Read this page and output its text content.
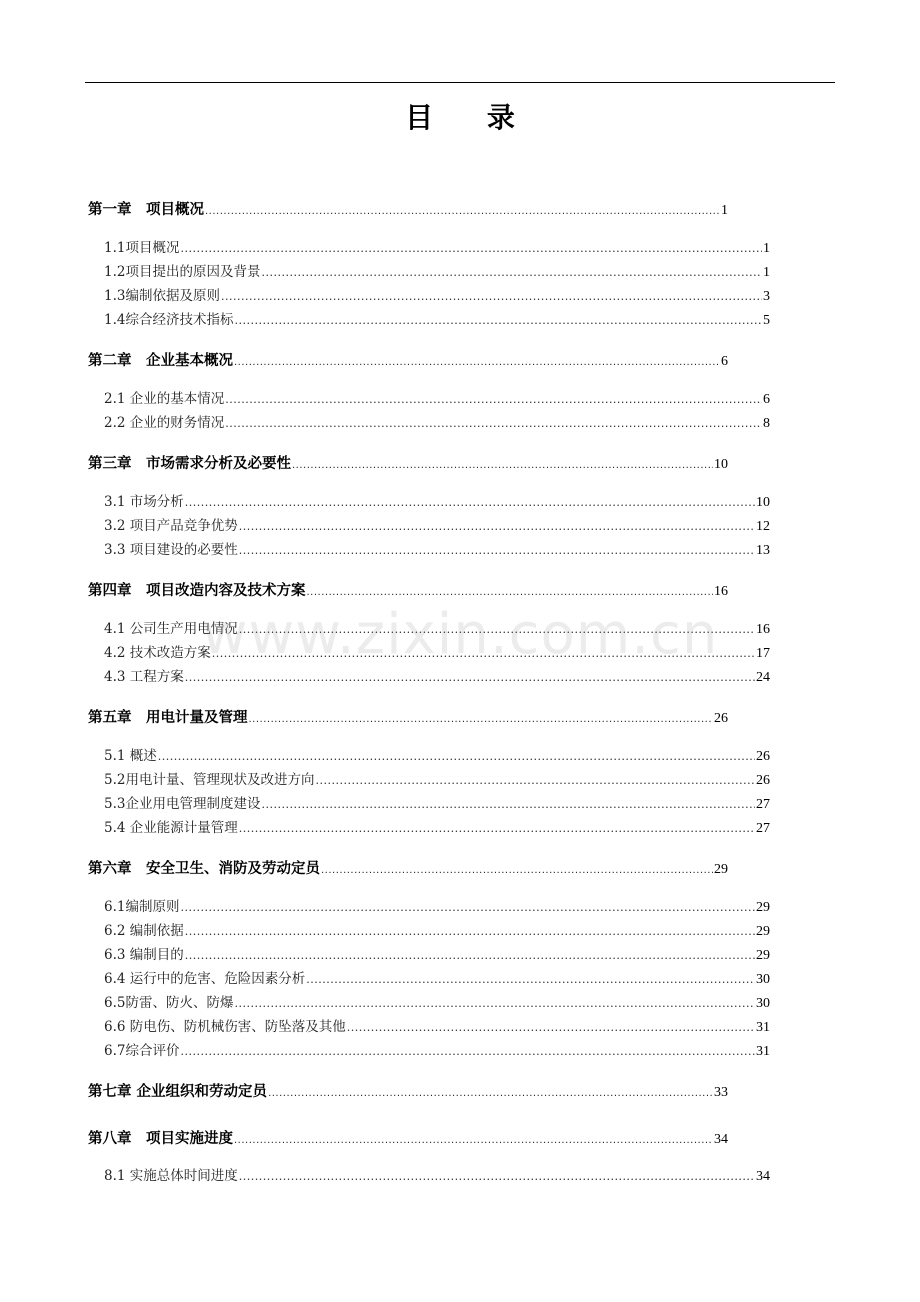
目 录
第一章　项目概况 .....	1
1.1项目概况 .....	1
1.2项目提出的原因及背景 .....	1
1.3编制依据及原则 .....	3
1.4综合经济技术指标 .....	5
第二章　企业基本概况 .....	6
2.1 企业的基本情况 .....	6
2.2 企业的财务情况 .....	8
第三章　市场需求分析及必要性 .....	10
3.1 市场分析 .....	10
3.2 项目产品竞争优势 .....	12
3.3 项目建设的必要性 .....	13
第四章　项目改造内容及技术方案 .....	16
4.1 公司生产用电情况 .....	16
4.2 技术改造方案 .....	17
4.3 工程方案 .....	24
第五章　用电计量及管理 .....	26
5.1 概述 .....	26
5.2用电计量、管理现状及改进方向 .....	26
5.3企业用电管理制度建设 .....	27
5.4 企业能源计量管理 .....	27
第六章　安全卫生、消防及劳动定员 .....	29
6.1编制原则 .....	29
6.2 编制依据 .....	29
6.3 编制目的 .....	29
6.4 运行中的危害、危险因素分析 .....	30
6.5防雷、防火、防爆 .....	30
6.6 防电伤、防机械伤害、防坠落及其他 .....	31
6.7综合评价 .....	31
第七章 企业组织和劳动定员 .....	33
第八章　项目实施进度 .....	34
8.1 实施总体时间进度 .....	34
www.zixin.com.cn
